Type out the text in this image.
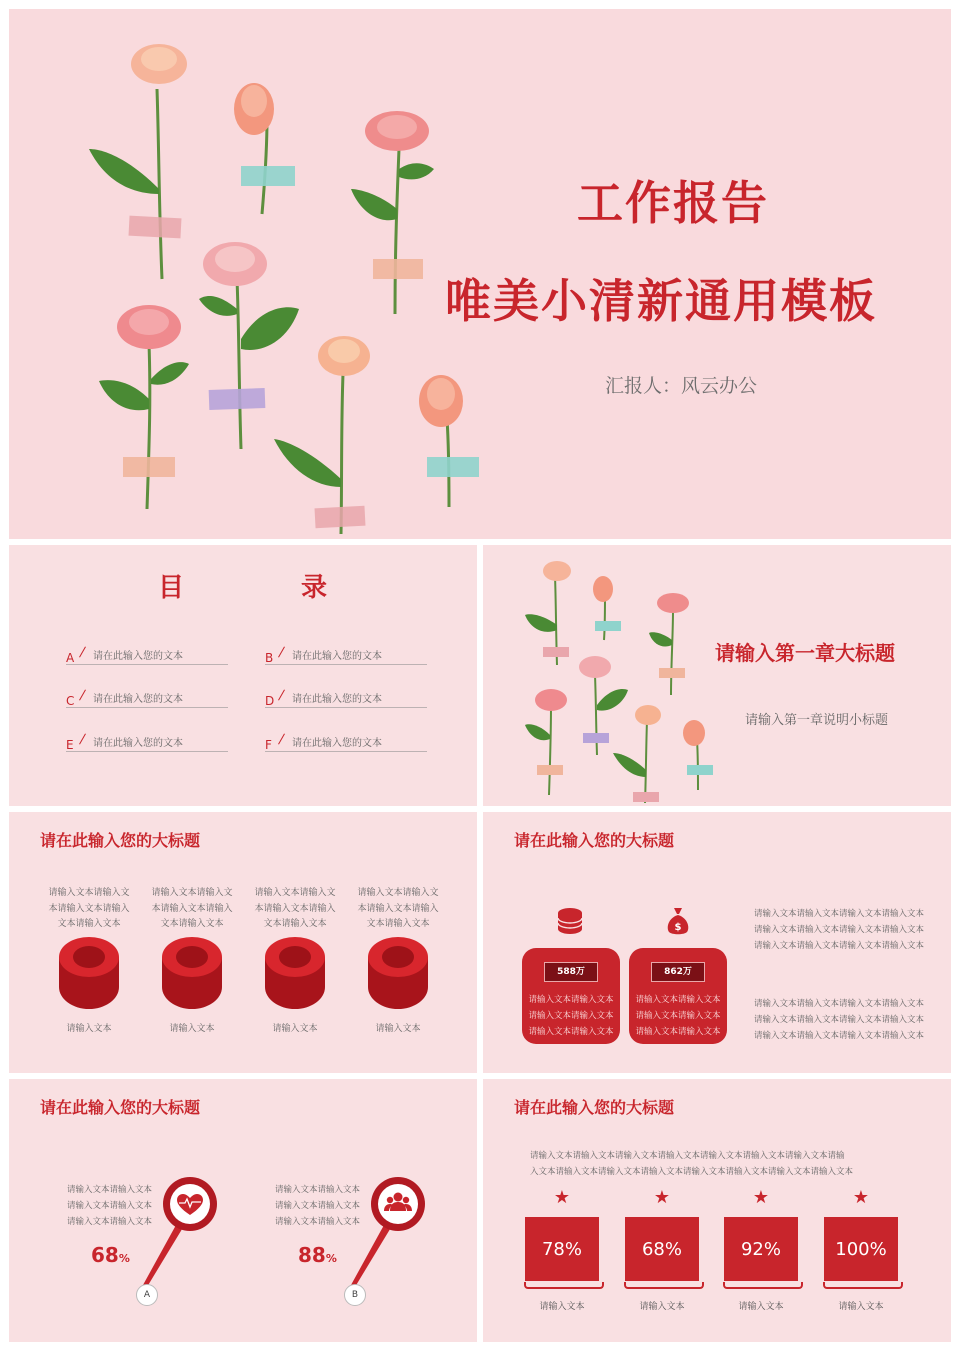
工作报告
唯美小清新通用模板
汇报人：风云办公
目	录
A 请在此输入您的文本	B 请在此输入您的文本
C 请在此输入您的文本	D 请在此输入您的文本
E 请在此输入您的文本	F 请在此输入您的文本
请输入第一章大标题
请输入第一章说明小标题
请在此输入您的大标题
请输入文本请输入文
本请输入文本请输入
文本请输入文本
请输入文本请输入文
本请输入文本请输入
文本请输入文本
请输入文本请输入文
本请输入文本请输入
文本请输入文本
请输入文本请输入文
本请输入文本请输入
文本请输入文本
请输入文本	请输入文本	请输入文本	请输入文本
请在此输入您的大标题
$
588万
请输入文本请输入文本
请输入文本请输入文本
请输入文本请输入文本
862万
请输入文本请输入文本
请输入文本请输入文本
请输入文本请输入文本
请输入文本请输入文本请输入文本请输入文本
请输入文本请输入文本请输入文本请输入文本
请输入文本请输入文本请输入文本请输入文本
请输入文本请输入文本请输入文本请输入文本
请输入文本请输入文本请输入文本请输入文本
请输入文本请输入文本请输入文本请输入文本
请在此输入您的大标题
请输入文本请输入文本
请输入文本请输入文本
请输入文本请输入文本
请输入文本请输入文本
请输入文本请输入文本
请输入文本请输入文本
68%	88%
A	B
请在此输入您的大标题
请输入文本请输入文本请输入文本请输入文本请输入文本请输入文本请输入文本请输
入文本请输入文本请输入文本请输入文本请输入文本请输入文本请输入文本请输入文本
★	★	★	★
78%	68%	92%	100%
请输入文本	请输入文本	请输入文本	请输入文本
